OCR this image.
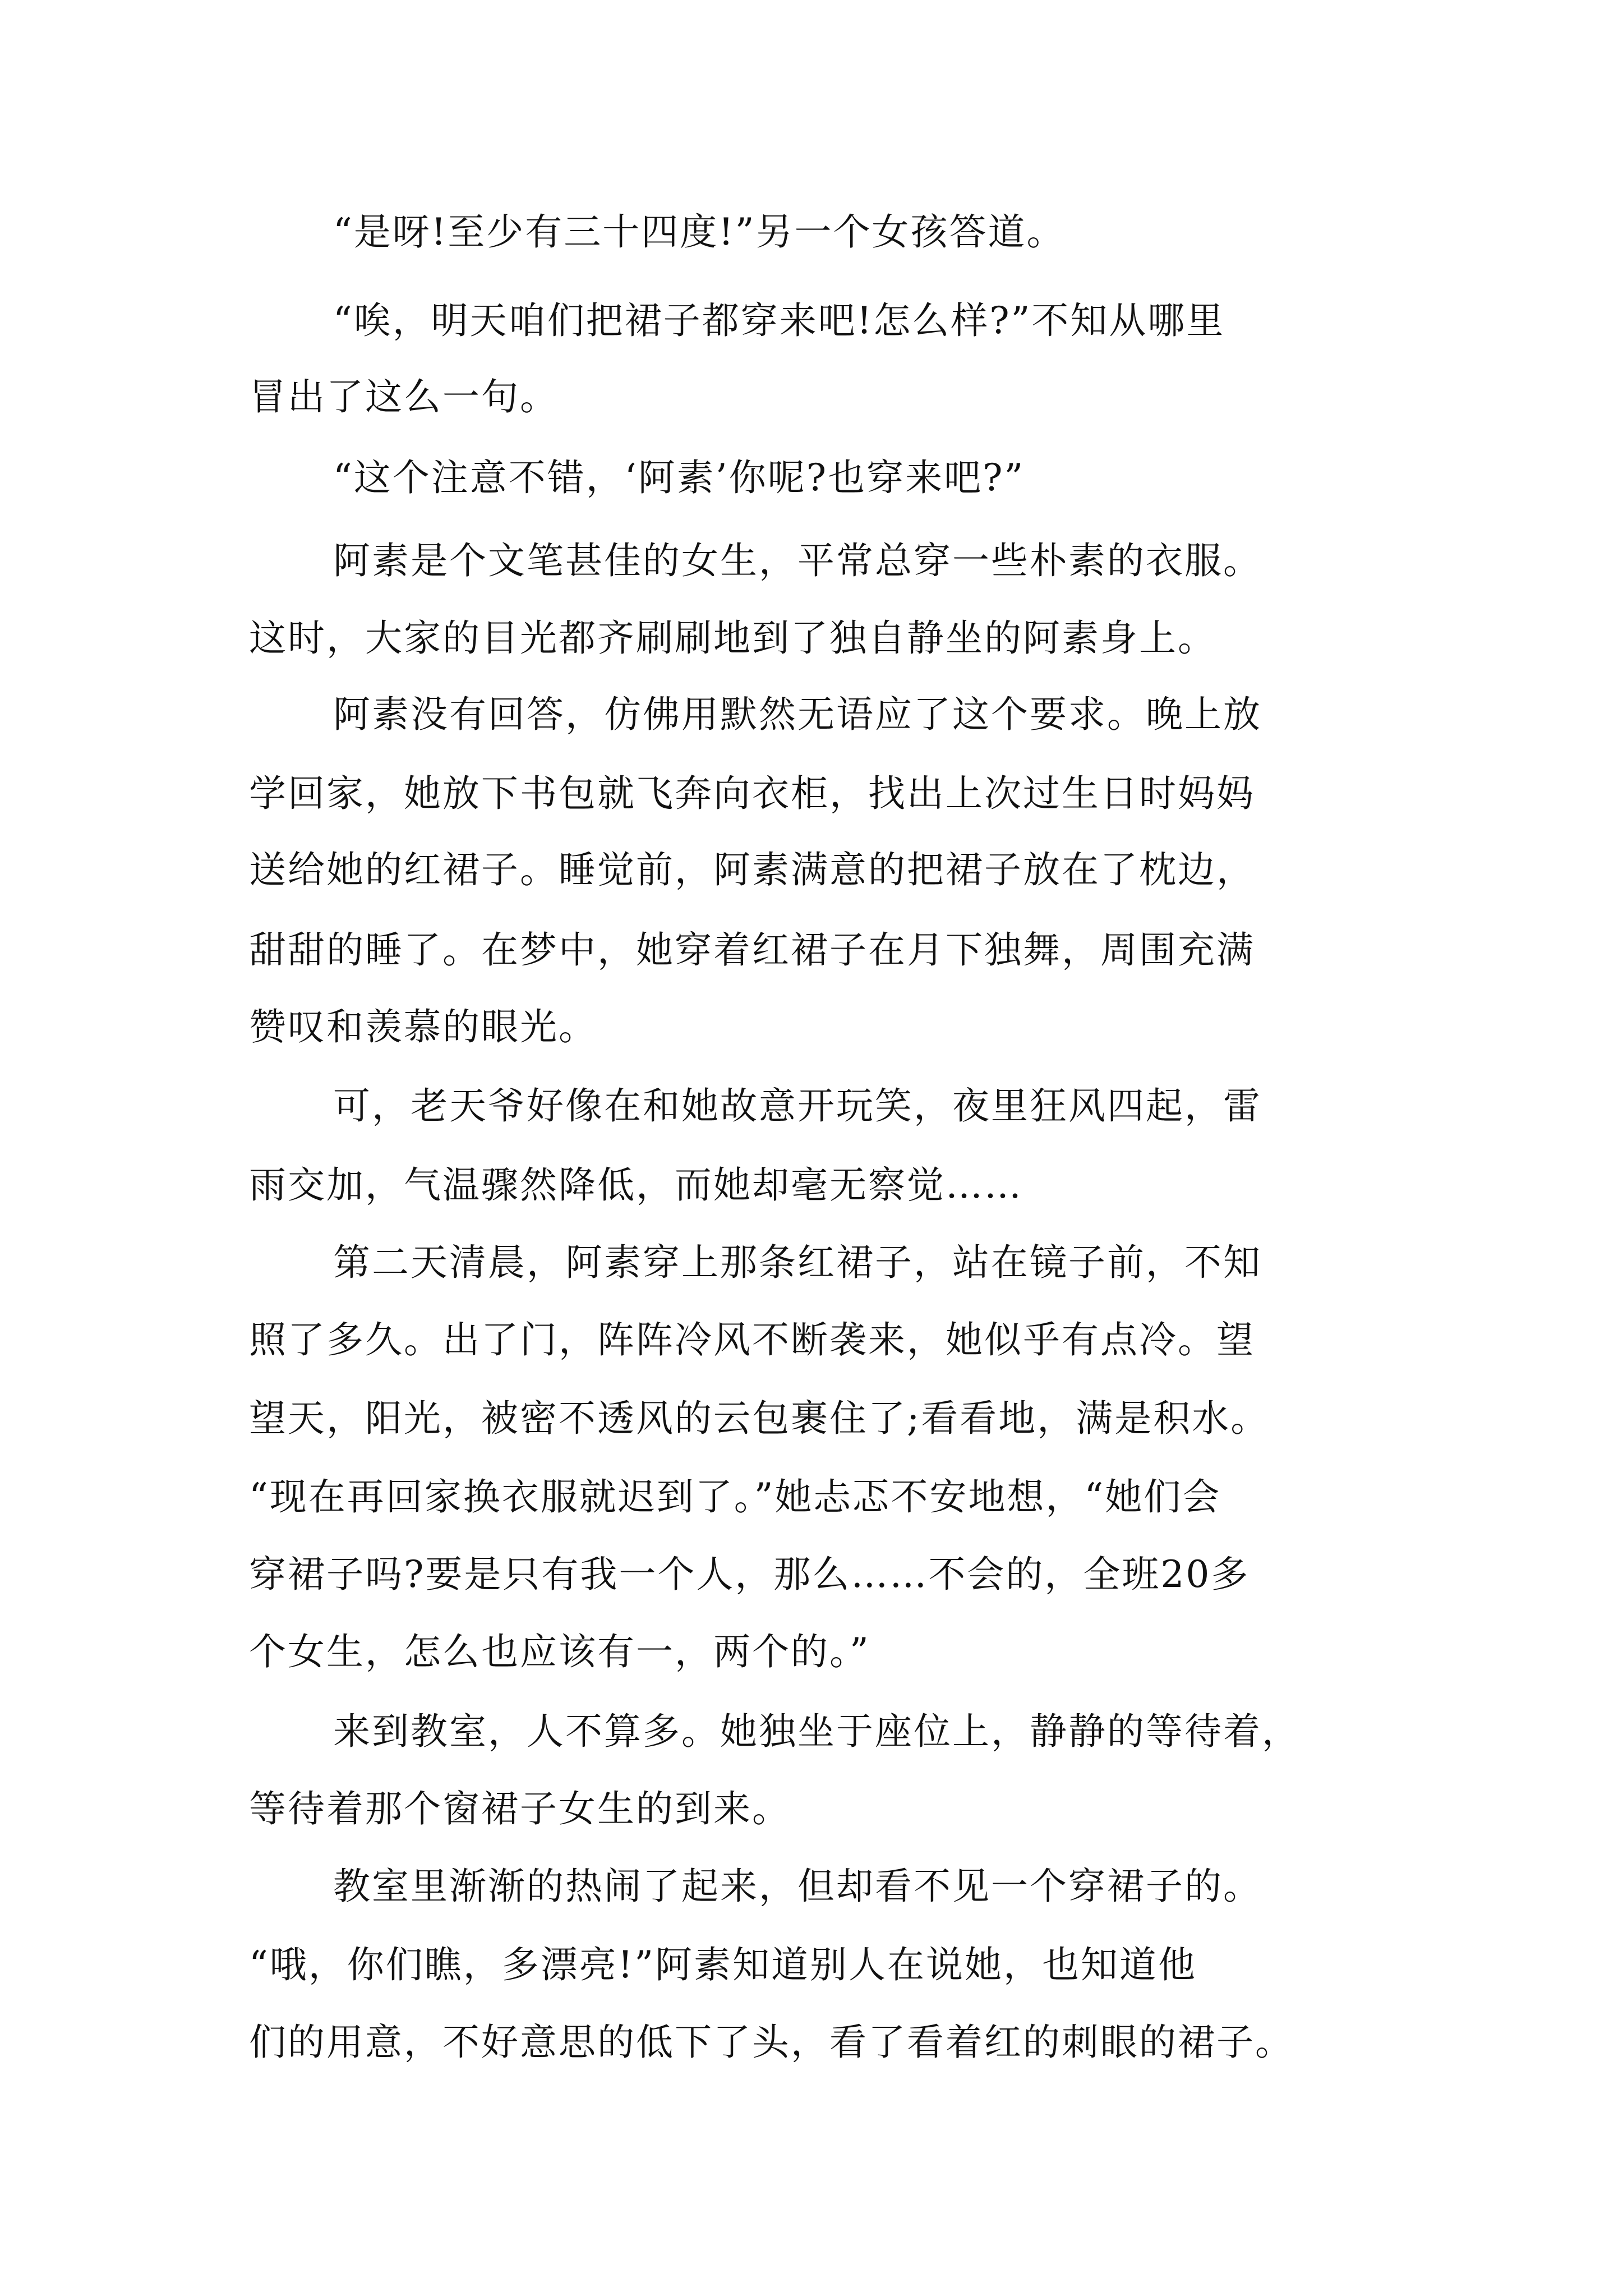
“是呀!至少有三十四度!”另一个女孩答道。
“唉，明天咱们把裙子都穿来吧!怎么样?”不知从哪里
冒出了这么一句。
“这个注意不错，‘阿素’你呢?也穿来吧?”
阿素是个文笔甚佳的女生，平常总穿一些朴素的衣服。
这时，大家的目光都齐刷刷地到了独自静坐的阿素身上。
阿素没有回答，仿佛用默然无语应了这个要求。晚上放
学回家，她放下书包就飞奔向衣柜，找出上次过生日时妈妈
送给她的红裙子。睡觉前，阿素满意的把裙子放在了枕边，
甜甜的睡了。在梦中，她穿着红裙子在月下独舞，周围充满
赞叹和羡慕的眼光。
可，老天爷好像在和她故意开玩笑，夜里狂风四起，雷
雨交加，气温骤然降低，而她却毫无察觉……
第二天清晨，阿素穿上那条红裙子，站在镜子前，不知
照了多久。出了门，阵阵冷风不断袭来，她似乎有点冷。望
望天，阳光，被密不透风的云包裹住了;看看地，满是积水。
“现在再回家换衣服就迟到了。”她忐忑不安地想，“她们会
穿裙子吗?要是只有我一个人，那么……不会的，全班20多
个女生，怎么也应该有一，两个的。”
来到教室，人不算多。她独坐于座位上，静静的等待着，
等待着那个窗裙子女生的到来。
教室里渐渐的热闹了起来，但却看不见一个穿裙子的。
“哦，你们瞧，多漂亮!”阿素知道别人在说她，也知道他
们的用意，不好意思的低下了头，看了看着红的刺眼的裙子。
